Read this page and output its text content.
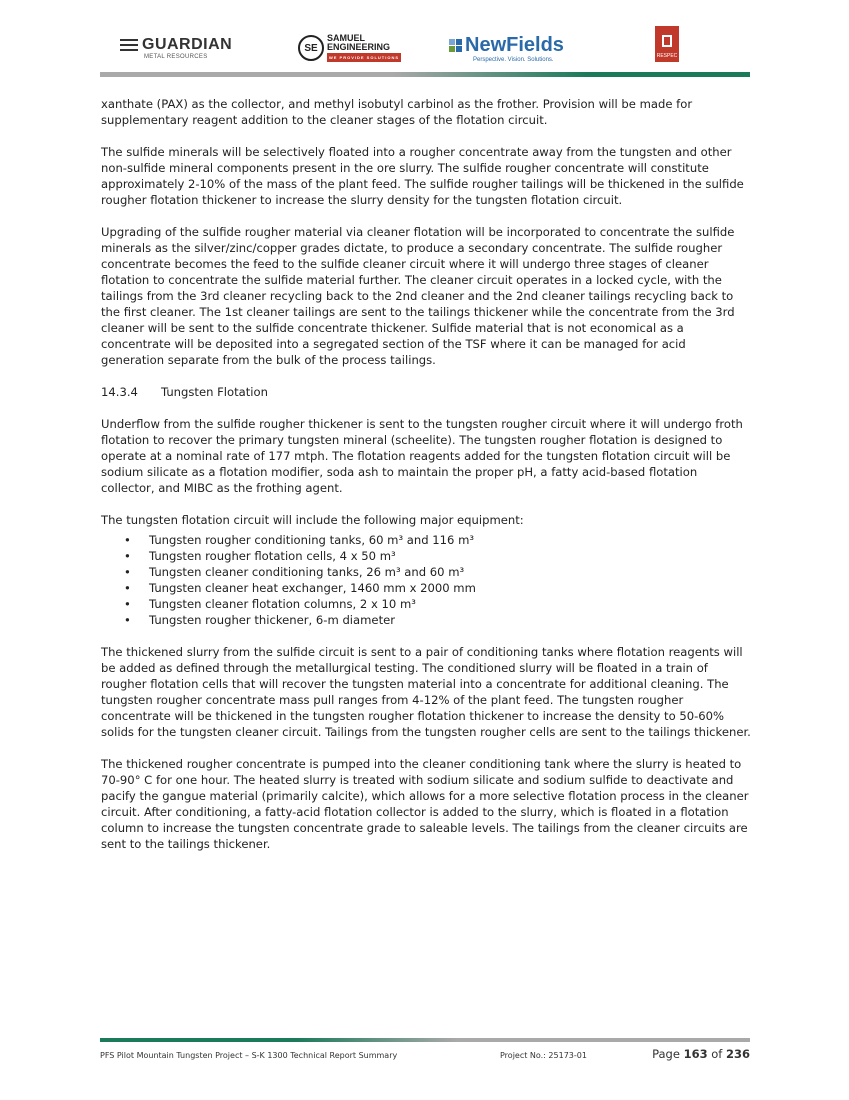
GUARDIAN
METAL RESOURCES
SE
SAMUEL
ENGINEERING
WE PROVIDE SOLUTIONS
NewFields
Perspective. Vision. Solutions.
RESPEC

xanthate (PAX) as the collector, and methyl isobutyl carbinol as the frother. Provision will be made for supplementary reagent addition to the cleaner stages of the flotation circuit.

The sulfide minerals will be selectively floated into a rougher concentrate away from the tungsten and other non-sulfide mineral components present in the ore slurry. The sulfide rougher concentrate will constitute approximately 2-10% of the mass of the plant feed. The sulfide rougher tailings will be thickened in the sulfide rougher flotation thickener to increase the slurry density for the tungsten flotation circuit.

Upgrading of the sulfide rougher material via cleaner flotation will be incorporated to concentrate the sulfide minerals as the silver/zinc/copper grades dictate, to produce a secondary concentrate. The sulfide rougher concentrate becomes the feed to the sulfide cleaner circuit where it will undergo three stages of cleaner flotation to concentrate the sulfide material further. The cleaner circuit operates in a locked cycle, with the tailings from the 3rd cleaner recycling back to the 2nd cleaner and the 2nd cleaner tailings recycling back to the first cleaner. The 1st cleaner tailings are sent to the tailings thickener while the concentrate from the 3rd cleaner will be sent to the sulfide concentrate thickener. Sulfide material that is not economical as a concentrate will be deposited into a segregated section of the TSF where it can be managed for acid generation separate from the bulk of the process tailings.

14.3.4 Tungsten Flotation

Underflow from the sulfide rougher thickener is sent to the tungsten rougher circuit where it will undergo froth flotation to recover the primary tungsten mineral (scheelite). The tungsten rougher flotation is designed to operate at a nominal rate of 177 mtph. The flotation reagents added for the tungsten flotation circuit will be sodium silicate as a flotation modifier, soda ash to maintain the proper pH, a fatty acid-based flotation collector, and MIBC as the frothing agent.

The tungsten flotation circuit will include the following major equipment:

• Tungsten rougher conditioning tanks, 60 m³ and 116 m³
• Tungsten rougher flotation cells, 4 x 50 m³
• Tungsten cleaner conditioning tanks, 26 m³ and 60 m³
• Tungsten cleaner heat exchanger, 1460 mm x 2000 mm
• Tungsten cleaner flotation columns, 2 x 10 m³
• Tungsten rougher thickener, 6-m diameter

The thickened slurry from the sulfide circuit is sent to a pair of conditioning tanks where flotation reagents will be added as defined through the metallurgical testing. The conditioned slurry will be floated in a train of rougher flotation cells that will recover the tungsten material into a concentrate for additional cleaning. The tungsten rougher concentrate mass pull ranges from 4-12% of the plant feed. The tungsten rougher concentrate will be thickened in the tungsten rougher flotation thickener to increase the density to 50-60% solids for the tungsten cleaner circuit. Tailings from the tungsten rougher cells are sent to the tailings thickener.

The thickened rougher concentrate is pumped into the cleaner conditioning tank where the slurry is heated to 70-90° C for one hour. The heated slurry is treated with sodium silicate and sodium sulfide to deactivate and pacify the gangue material (primarily calcite), which allows for a more selective flotation process in the cleaner circuit. After conditioning, a fatty-acid flotation collector is added to the slurry, which is floated in a flotation column to increase the tungsten concentrate grade to saleable levels. The tailings from the cleaner circuits are sent to the tailings thickener.

PFS Pilot Mountain Tungsten Project – S-K 1300 Technical Report Summary	Project No.: 25173-01	Page 163 of 236
